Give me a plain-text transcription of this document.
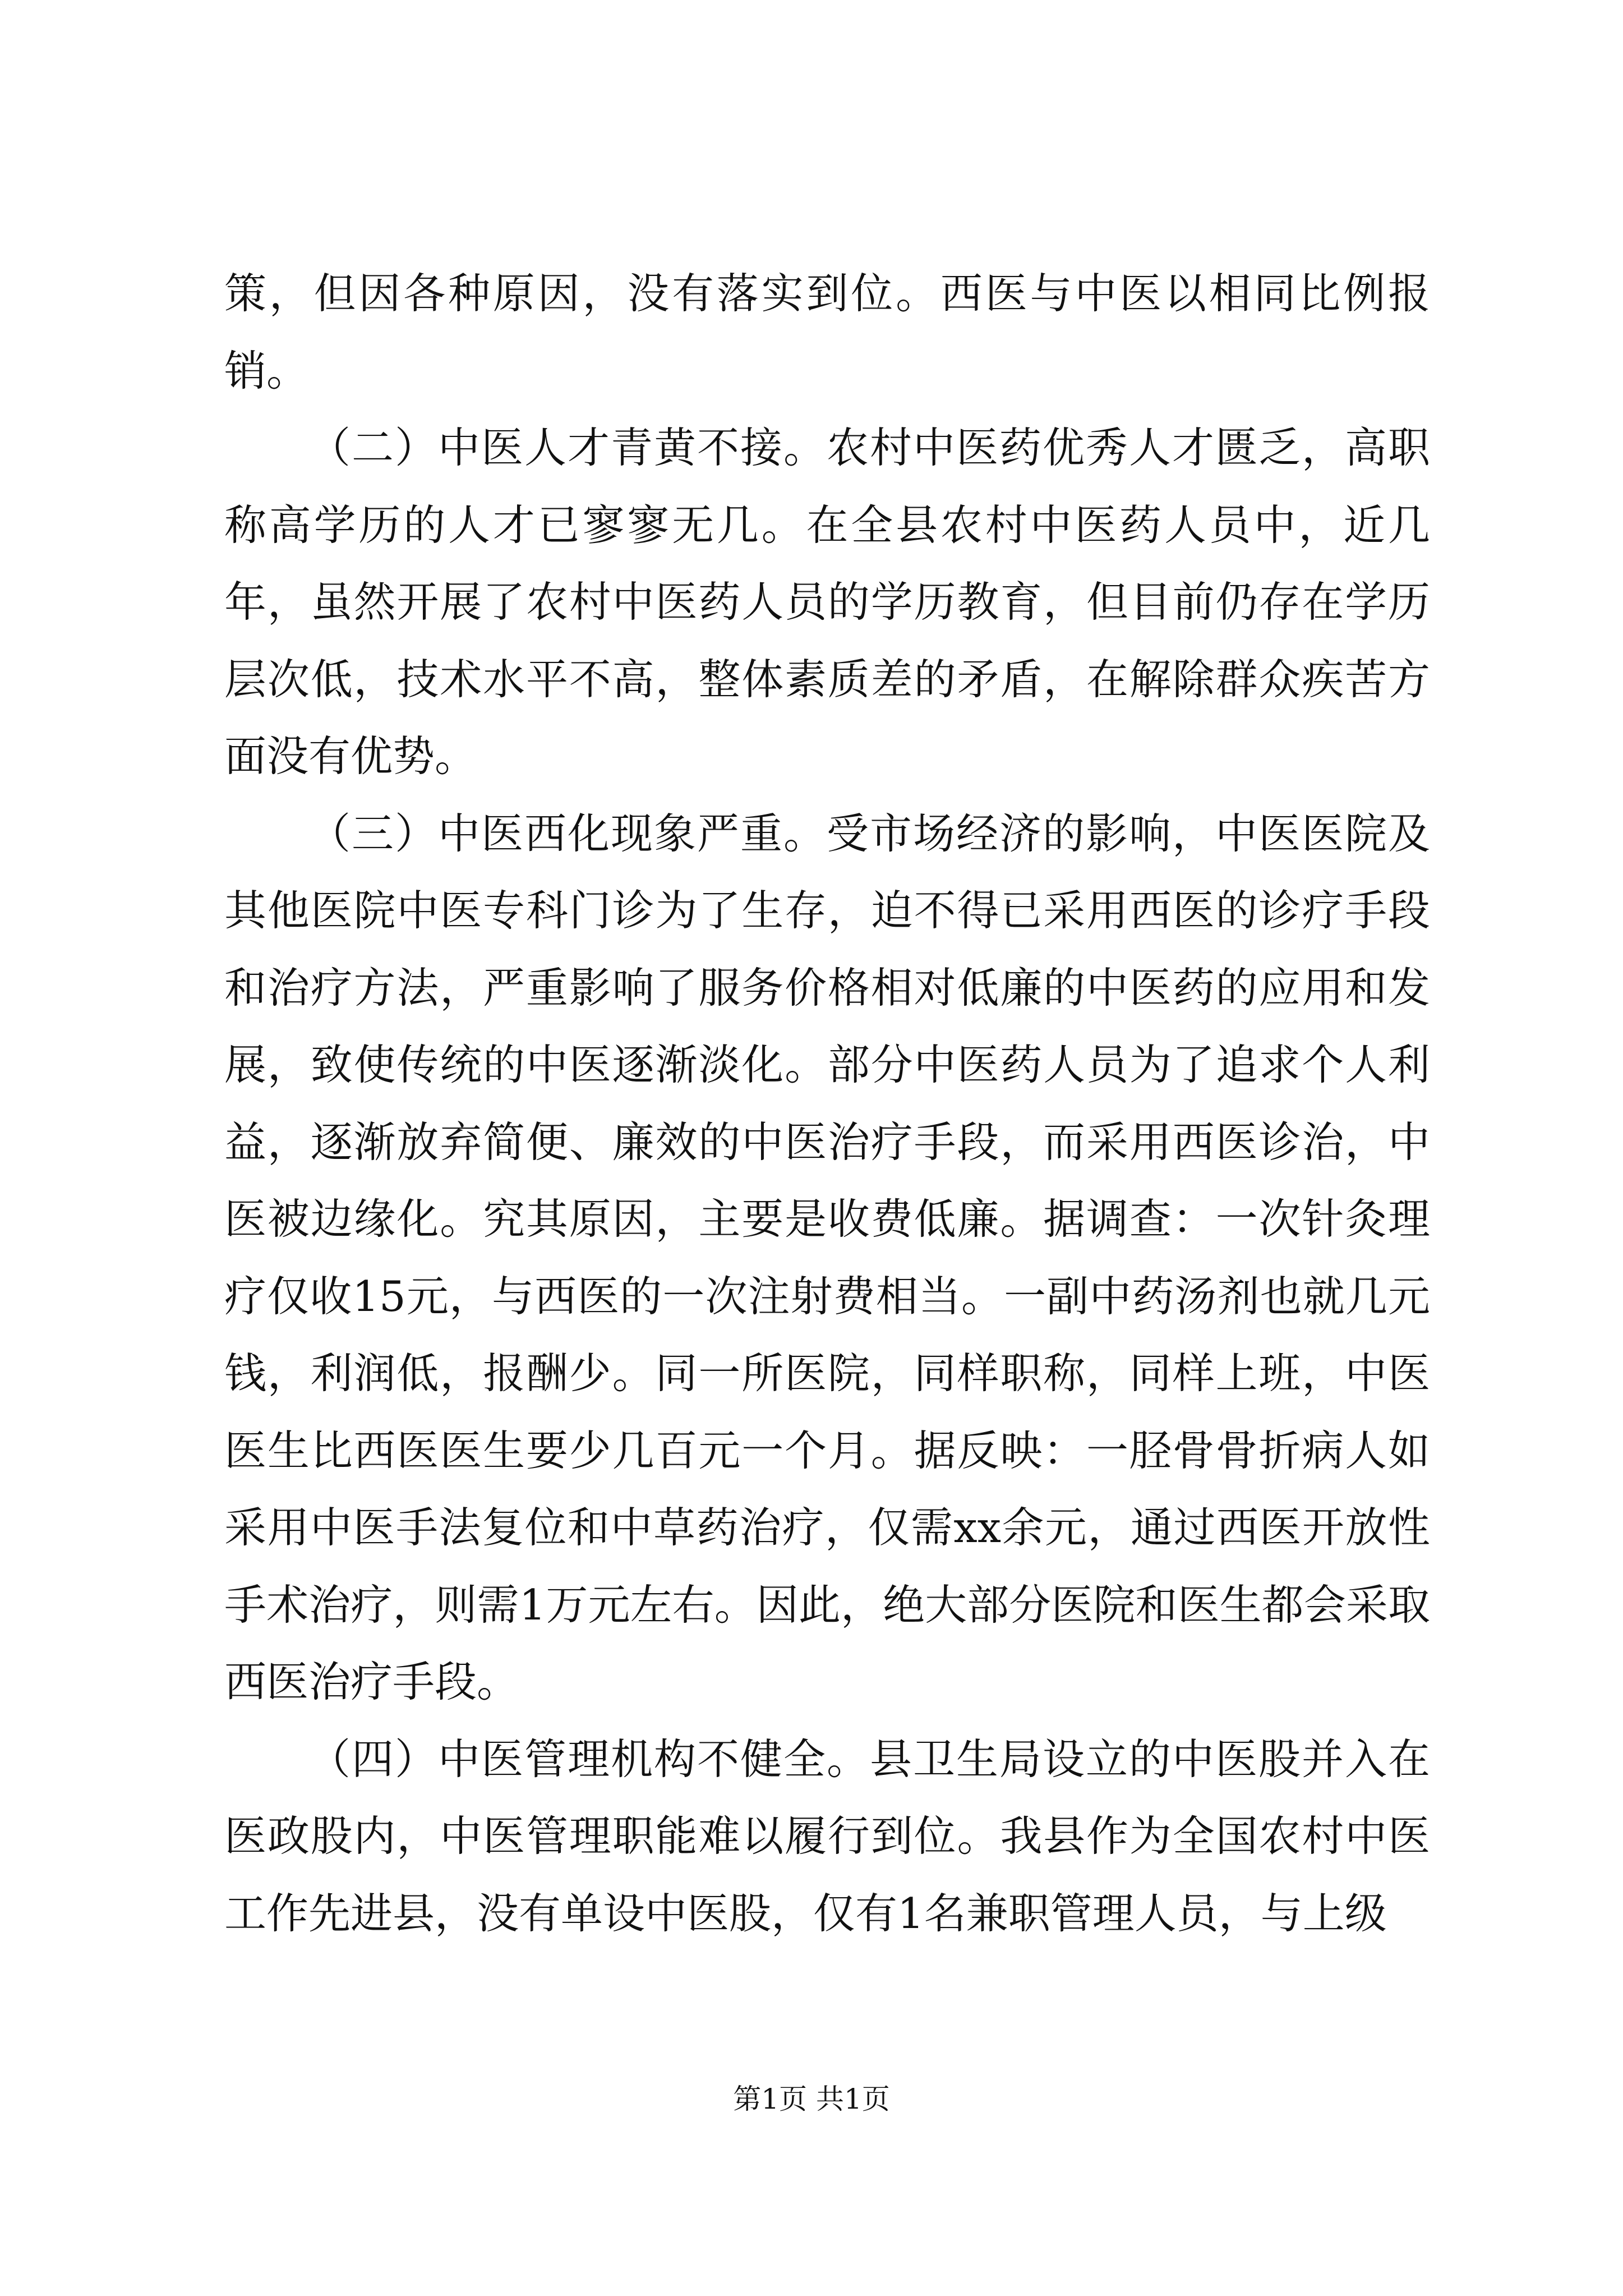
策，但因各种原因，没有落实到位。西医与中医以相同比例报销。

（二）中医人才青黄不接。农村中医药优秀人才匮乏，高职称高学历的人才已寥寥无几。在全县农村中医药人员中，近几年，虽然开展了农村中医药人员的学历教育，但目前仍存在学历层次低，技术水平不高，整体素质差的矛盾，在解除群众疾苦方面没有优势。

（三）中医西化现象严重。受市场经济的影响，中医医院及其他医院中医专科门诊为了生存，迫不得已采用西医的诊疗手段和治疗方法，严重影响了服务价格相对低廉的中医药的应用和发展，致使传统的中医逐渐淡化。部分中医药人员为了追求个人利益，逐渐放弃简便、廉效的中医治疗手段，而采用西医诊治，中医被边缘化。究其原因，主要是收费低廉。据调查：一次针灸理疗仅收15元，与西医的一次注射费相当。一副中药汤剂也就几元钱，利润低，报酬少。同一所医院，同样职称，同样上班，中医医生比西医医生要少几百元一个月。据反映：一胫骨骨折病人如采用中医手法复位和中草药治疗，仅需xx余元，通过西医开放性手术治疗，则需1万元左右。因此，绝大部分医院和医生都会采取西医治疗手段。

（四）中医管理机构不健全。县卫生局设立的中医股并入在医政股内，中医管理职能难以履行到位。我县作为全国农村中医工作先进县，没有单设中医股，仅有1名兼职管理人员，与上级

第1页 共1页
